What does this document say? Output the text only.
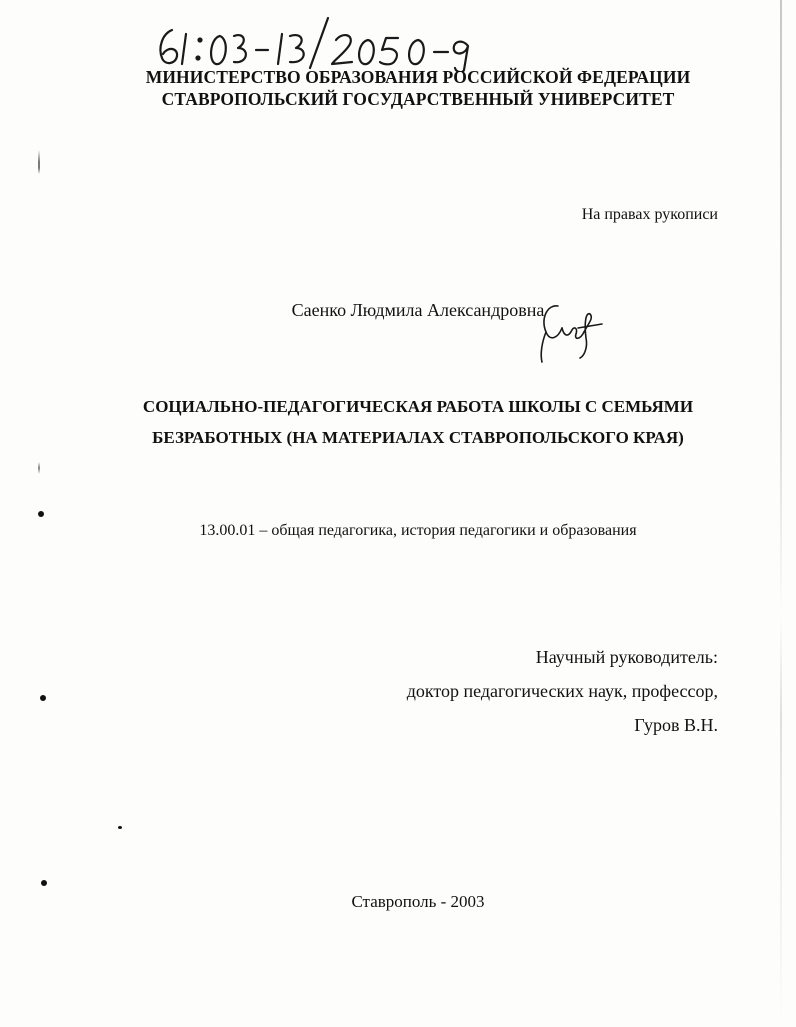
МИНИСТЕРСТВО ОБРАЗОВАНИЯ РОССИЙСКОЙ ФЕДЕРАЦИИ
СТАВРОПОЛЬСКИЙ ГОСУДАРСТВЕННЫЙ УНИВЕРСИТЕТ
На правах рукописи
Саенко Людмила Александровна
СОЦИАЛЬНО-ПЕДАГОГИЧЕСКАЯ РАБОТА ШКОЛЫ С СЕМЬЯМИ
БЕЗРАБОТНЫХ (НА МАТЕРИАЛАХ СТАВРОПОЛЬСКОГО КРАЯ)
13.00.01 – общая педагогика, история педагогики и образования
Научный руководитель:
доктор педагогических наук, профессор,
Гуров В.Н.
Ставрополь - 2003
